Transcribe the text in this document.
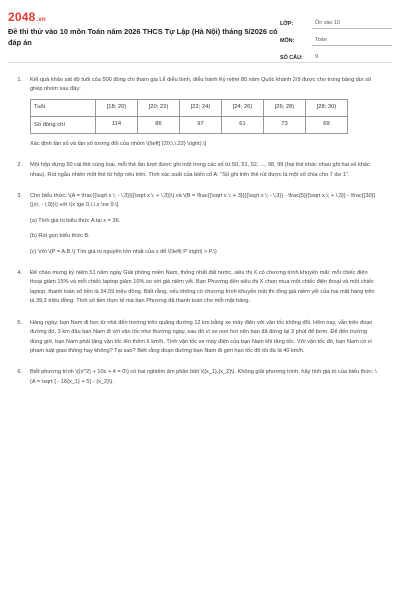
2048.vn
Đề thi thử vào 10 môn Toán năm 2026 THCS Tự Lập (Hà Nội) tháng 5/2026 có đáp án
LỚP:	Ôn vào 10
MÔN:	Toán
SỐ CÂU:	9
1.	Kết quả khảo sát độ tuổi của 500 đồng chí tham gia Lễ diễu binh, diễu hành Kỷ niệm 80 năm Quốc khánh 2/9 được cho trong bảng tần số ghép nhóm sau đây:

Tuổi	[18; 20)	[20; 22)	[22; 24)	[24; 26)	[26; 28)	[28; 30)
Số đồng chí	114	86	97	61	73	69

Xác định tần số và tần số tương đối của nhóm \(\left[ {20;\,\,22} \right).\]

2.	Một hộp đựng 50 cái thẻ cùng loại, mỗi thẻ lần lượt được ghi một trong các số từ 50, 51, 52, ..., 98, 99 (hai thẻ khác nhau ghi hai số khác nhau). Rút ngẫu nhiên một thẻ từ hộp nêu trên. Tính xác suất của biến cố A: "Số ghi trên thẻ rút được là một số chia cho 7 dư 1".

3.	Cho biểu thức: \(A = \frac{{\sqrt x \; - \;3}}{{\sqrt x \; + \;3}}\) và \(B = \frac{{\sqrt x \; + 3}}{{\sqrt x \; - \;3}} - \frac{5}{{\sqrt x \; + \;3}} - \frac{{30}}{{x\; - \;9}}\) với \(x \ge 0,\,\,x \ne 9.\]

(a) Tính giá trị biểu thức A tại x = 36.

(b) Rút gọn biểu thức B.

(c) Với \(P = A.B.\) Tìm giá trị nguyên lớn nhất của x để \(\left| P \right| > P.\)

4.	Để chào mừng kỷ niệm 51 năm ngày Giải phóng miền Nam, thống nhất đất nước, siêu thị X có chương trình khuyến mãi: mỗi chiếc điện thoại giảm 15% và mỗi chiếc laptop giảm 10% so với giá niêm yết. Bạn Phương đến siêu thị X chọn mua một chiếc điện thoại và một chiếc laptop, thanh toán số tiền là 34,59 triệu đồng. Biết rằng, nếu không có chương trình khuyến mãi thì tổng giá niêm yết của hai mặt hàng trên là 39,3 triệu đồng. Tính số tiền thực tế mà bạn Phương đã thanh toán cho mỗi mặt hàng.

5.	Hàng ngày, bạn Nam đi học từ nhà đến trường trên quãng đường 12 km bằng xe máy điện với vận tốc không đổi. Hôm nay, vẫn trên đoạn đường đó, 3 km đầu bạn Nam đi với vận tốc như thường ngày, sau đó vì xe non hơi nên bạn đã dừng lại 3 phút để bơm. Để đến trường đúng giờ, bạn Nam phải tăng vận tốc lên thêm 6 km/h. Tính vận tốc xe máy điện của bạn Nam khi tăng tốc. Với vận tốc đó, bạn Nam có vi phạm luật giao thông hay không? Tại sao? Biết rằng đoạn đường bạn Nam đi giới hạn tốc độ tối đa là 40 km/h.

6.	Biết phương trình \({x^2} + 10x + 4 = 0\) có hai nghiệm âm phân biệt \({x_1},{x_2}\). Không giải phương trình, hãy tính giá trị của biểu thức: \(A = \sqrt { - 16{x_1} + 5} - {x_2}\).
